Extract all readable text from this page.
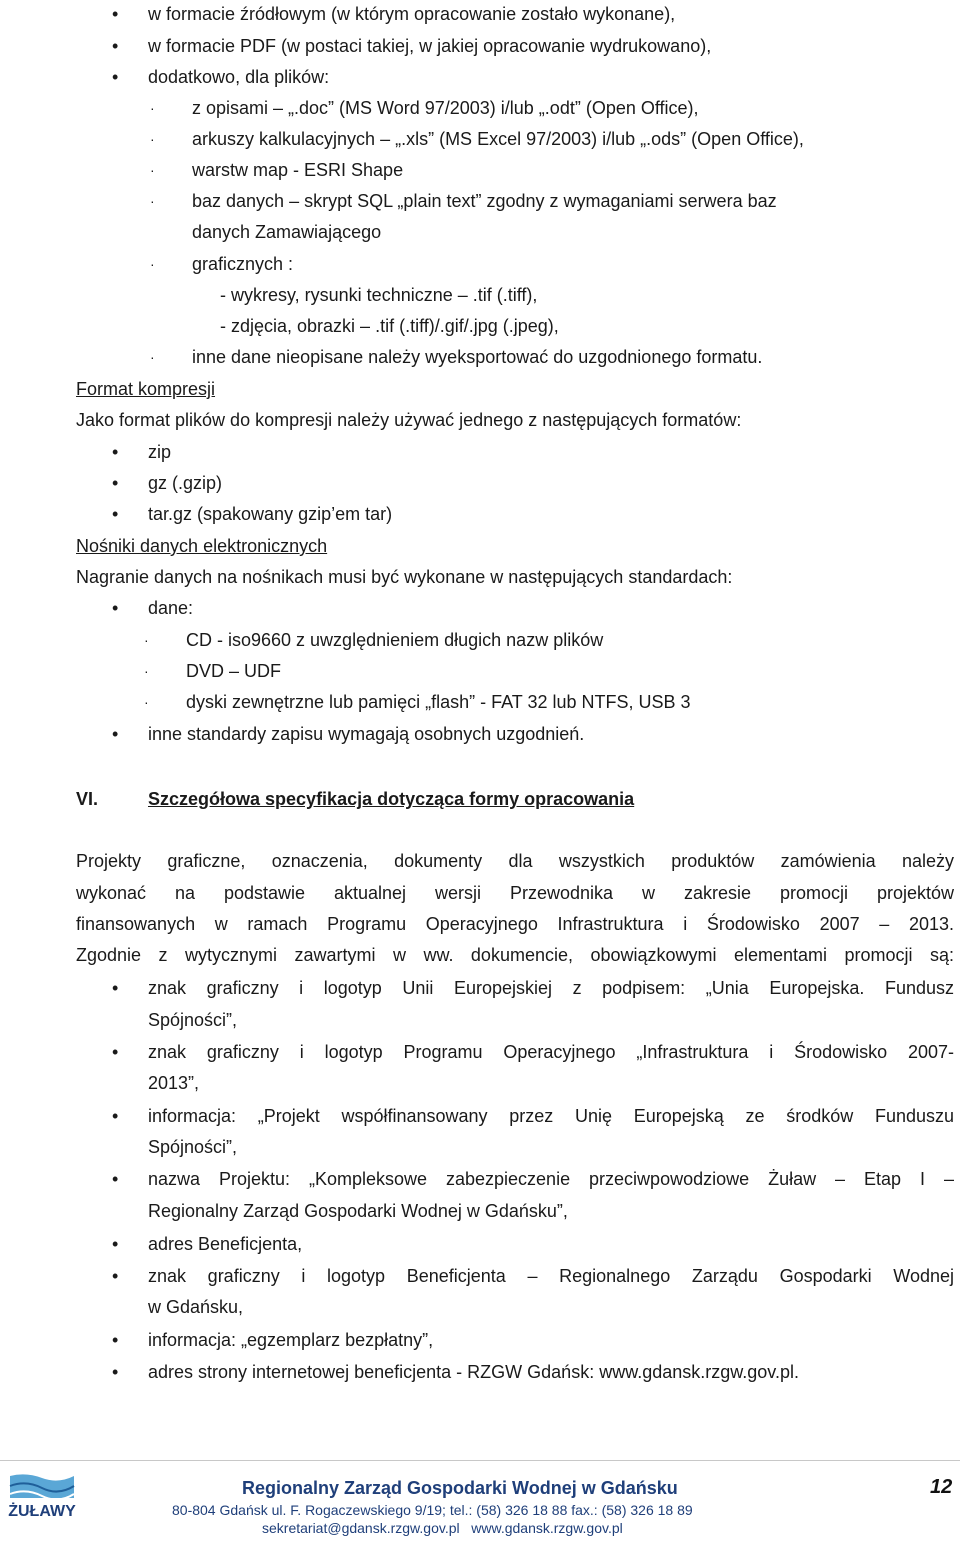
• w formacie źródłowym (w którym opracowanie zostało wykonane),
• w formacie PDF (w postaci takiej, w jakiej opracowanie wydrukowano),
• dodatkowo, dla plików:
· z opisami – „.doc” (MS Word 97/2003) i/lub „.odt” (Open Office),
· arkuszy kalkulacyjnych – „.xls” (MS Excel 97/2003) i/lub „.ods” (Open Office),
· warstw map - ESRI Shape
· baz danych – skrypt SQL „plain text” zgodny z wymaganiami serwera baz
danych Zamawiającego
· graficznych :
- wykresy, rysunki techniczne – .tif (.tiff),
- zdjęcia, obrazki – .tif (.tiff)/.gif/.jpg (.jpeg),
· inne dane nieopisane należy wyeksportować do uzgodnionego formatu.
Format kompresji
Jako format plików do kompresji należy używać jednego z następujących formatów:
• zip
• gz (.gzip)
• tar.gz (spakowany gzip’em tar)
Nośniki danych elektronicznych
Nagranie danych na nośnikach musi być wykonane w następujących standardach:
• dane:
· CD - iso9660 z uwzględnieniem długich nazw plików
· DVD – UDF
· dyski zewnętrzne lub pamięci „flash” - FAT 32 lub NTFS, USB 3
• inne standardy zapisu wymagają osobnych uzgodnień.
VI.	Szczegółowa specyfikacja dotycząca formy opracowania
Projekty graficzne, oznaczenia, dokumenty dla wszystkich produktów zamówienia należy
wykonać na podstawie aktualnej wersji Przewodnika w zakresie promocji projektów
finansowanych w ramach Programu Operacyjnego Infrastruktura i Środowisko 2007 – 2013.
Zgodnie z wytycznymi zawartymi w ww. dokumencie, obowiązkowymi elementami promocji są:
• znak graficzny i logotyp Unii Europejskiej z podpisem: „Unia Europejska. Fundusz
Spójności”,
• znak graficzny i logotyp Programu Operacyjnego „Infrastruktura i Środowisko 2007-
2013”,
• informacja: „Projekt współfinansowany przez Unię Europejską ze środków Funduszu
Spójności”,
• nazwa Projektu: „Kompleksowe zabezpieczenie przeciwpowodziowe Żuław – Etap I –
Regionalny Zarząd Gospodarki Wodnej w Gdańsku”,
• adres Beneficjenta,
• znak graficzny i logotyp Beneficjenta – Regionalnego Zarządu Gospodarki Wodnej
w Gdańsku,
• informacja: „egzemplarz bezpłatny”,
• adres strony internetowej beneficjenta - RZGW Gdańsk: www.gdansk.rzgw.gov.pl.
ŻUŁAWY
Regionalny Zarząd Gospodarki Wodnej w Gdańsku
80-804 Gdańsk ul. F. Rogaczewskiego 9/19; tel.: (58) 326 18 88 fax.: (58) 326 18 89
sekretariat@gdansk.rzgw.gov.pl   www.gdansk.rzgw.gov.pl
12
